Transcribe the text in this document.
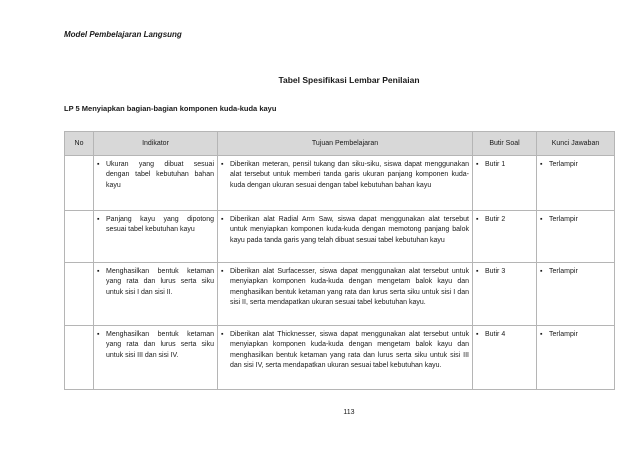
Model Pembelajaran Langsung
Tabel Spesifikasi Lembar Penilaian
LP 5 Menyiapkan bagian-bagian komponen kuda-kuda kayu
No	Indikator	Tujuan Pembelajaran	Butir Soal	Kunci Jawaban

	▪ Ukuran yang dibuat sesuai dengan tabel kebutuhan bahan kayu	▪ Diberikan meteran, pensil tukang dan siku-siku, siswa dapat menggunakan alat tersebut untuk memberi tanda garis ukuran panjang komponen kuda-kuda dengan ukuran sesuai dengan tabel kebutuhan bahan kayu	▪ Butir 1	▪ Terlampir

	▪ Panjang kayu yang dipotong sesuai tabel kebutuhan kayu	▪ Diberikan alat Radial Arm Saw, siswa dapat menggunakan alat tersebut untuk menyiapkan komponen kuda-kuda dengan memotong panjang balok kayu pada tanda garis yang telah dibuat sesuai tabel kebutuhan kayu	▪ Butir 2	▪ Terlampir

	▪ Menghasilkan bentuk ketaman yang rata dan lurus serta siku untuk sisi I dan sisi II.	▪ Diberikan alat Surfacesser, siswa dapat menggunakan alat tersebut untuk menyiapkan komponen kuda-kuda dengan mengetam balok kayu dan menghasilkan bentuk ketaman yang rata dan lurus serta siku untuk sisi I dan sisi II, serta mendapatkan ukuran sesuai tabel kebutuhan kayu.	▪ Butir 3	▪ Terlampir

	▪ Menghasilkan bentuk ketaman yang rata dan lurus serta siku untuk sisi III dan sisi IV.	▪ Diberikan alat Thicknesser, siswa dapat menggunakan alat tersebut untuk menyiapkan komponen kuda-kuda dengan mengetam balok kayu dan menghasilkan bentuk ketaman yang rata dan lurus serta siku untuk sisi III dan sisi IV, serta mendapatkan ukuran sesuai tabel kebutuhan kayu.	▪ Butir 4	▪ Terlampir
113
